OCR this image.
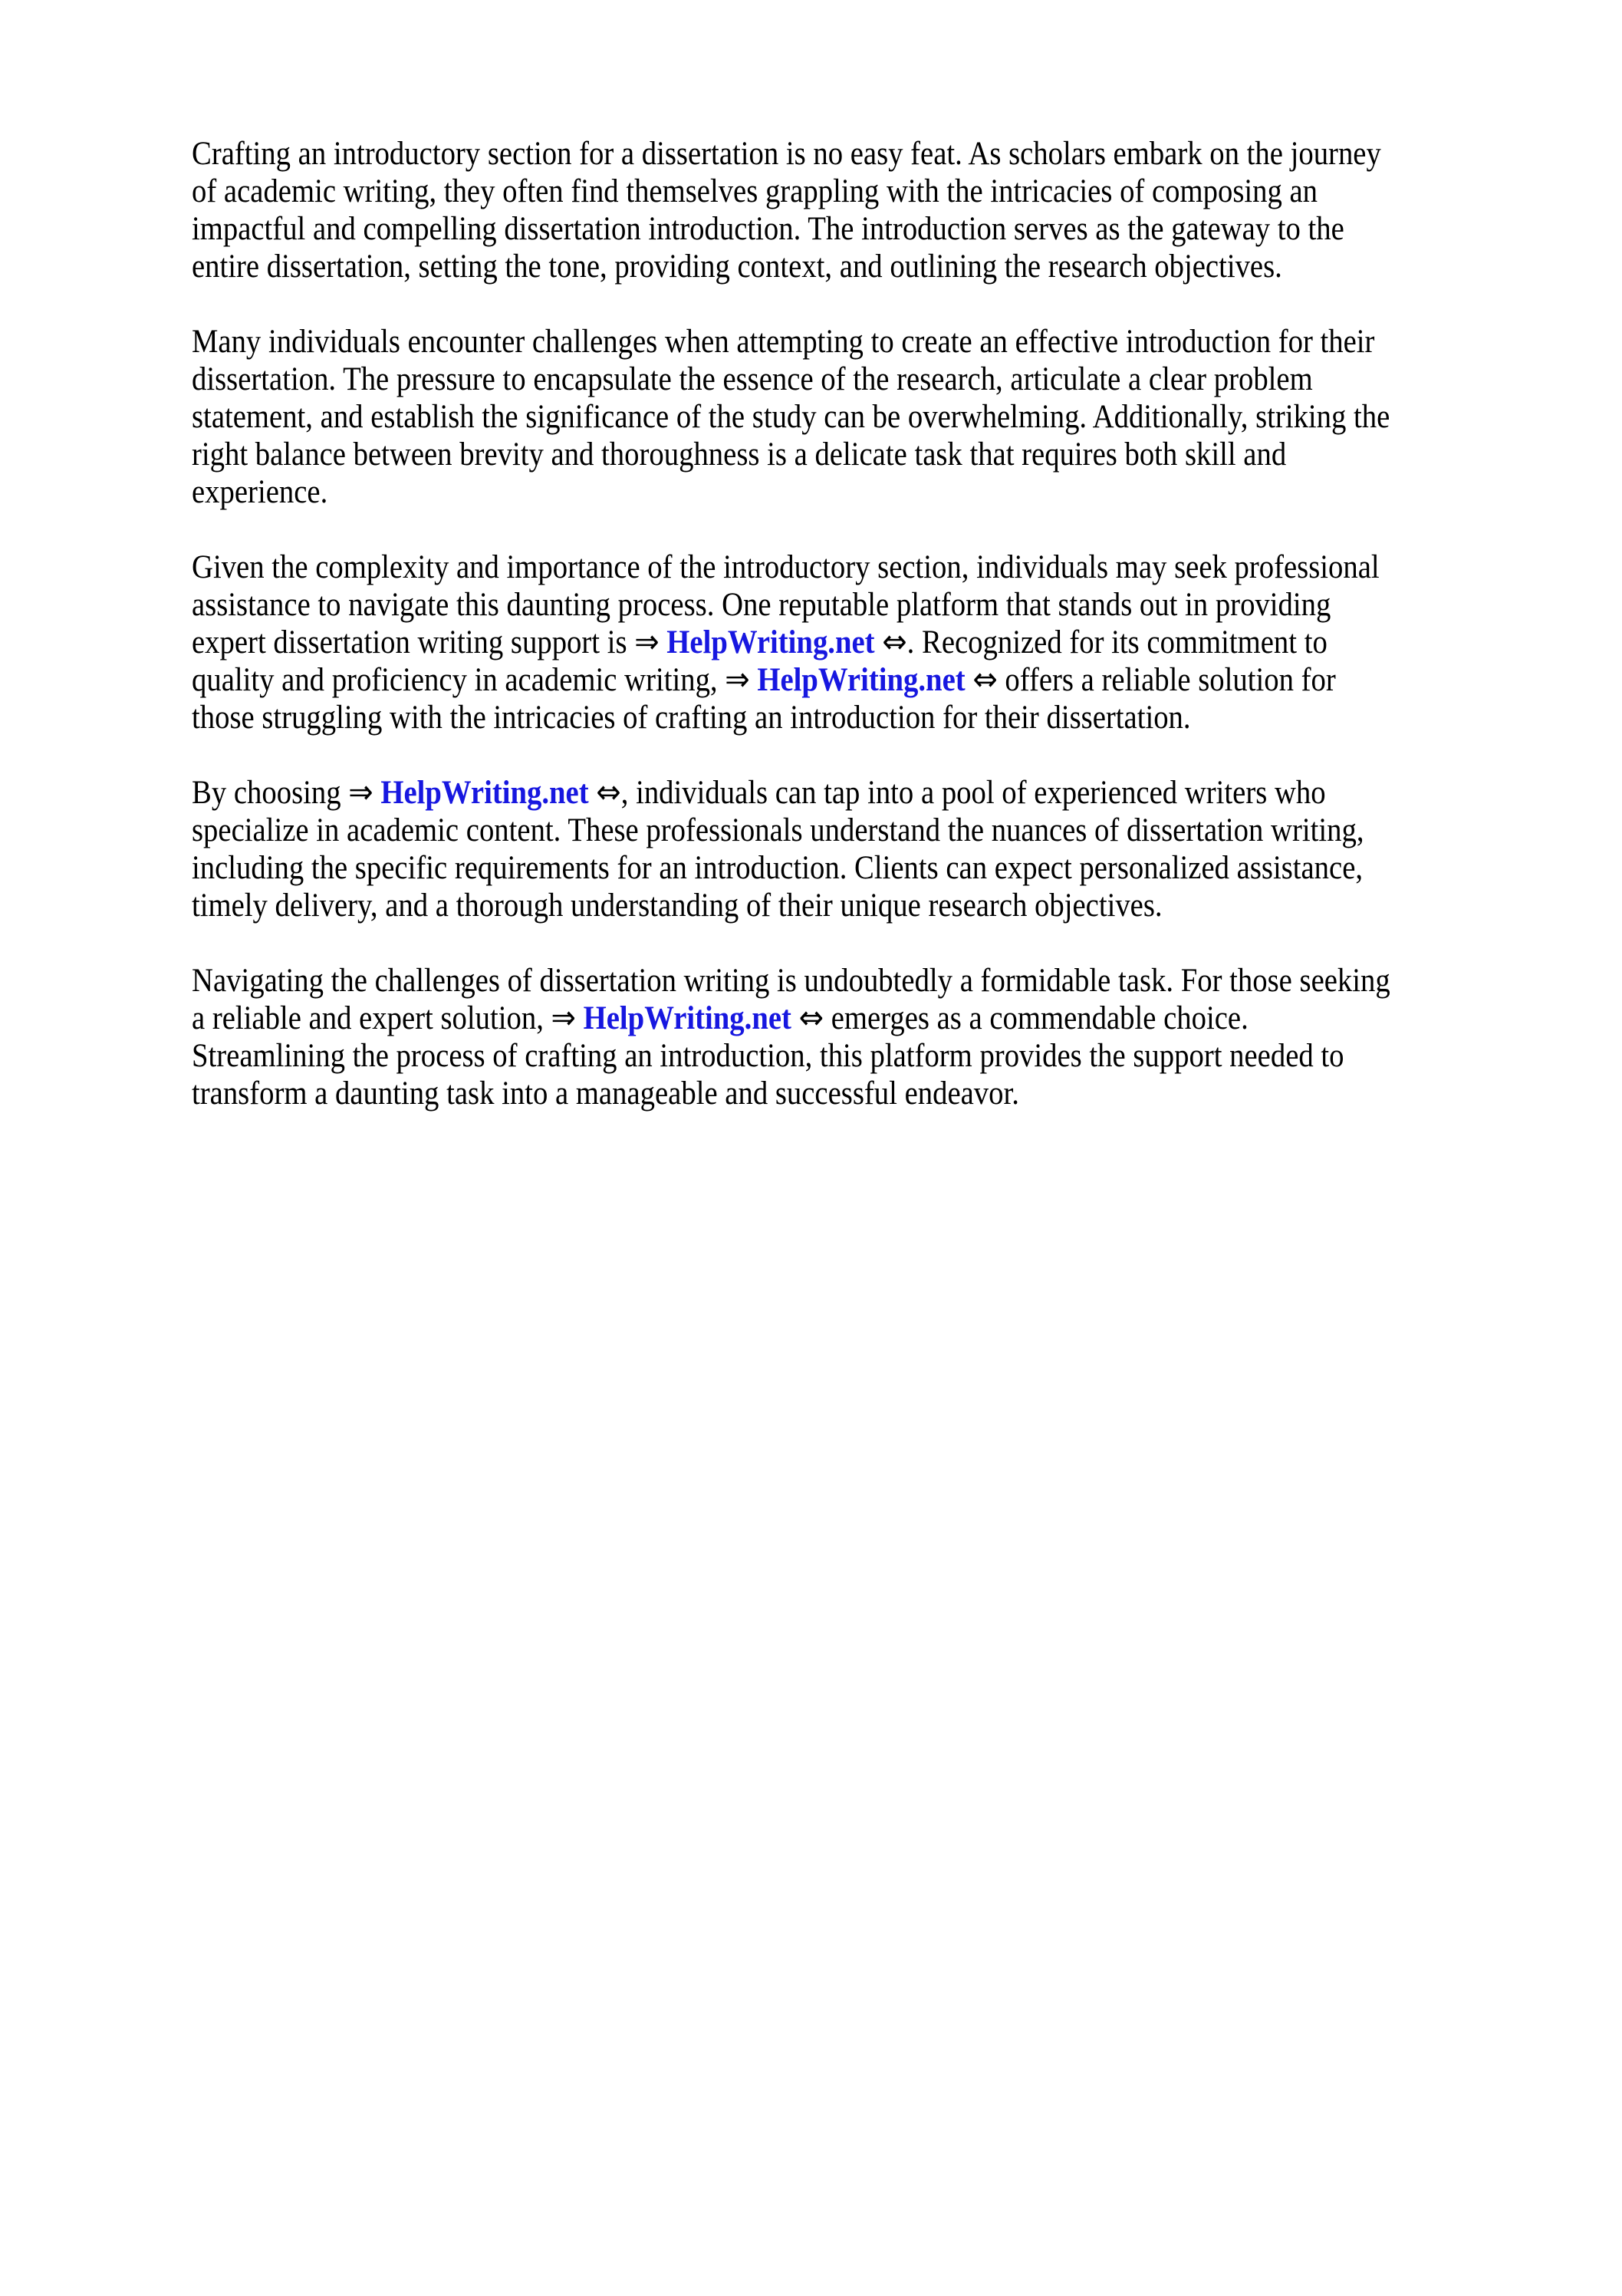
Crafting an introductory section for a dissertation is no easy feat. As scholars embark on the journey
of academic writing, they often find themselves grappling with the intricacies of composing an
impactful and compelling dissertation introduction. The introduction serves as the gateway to the
entire dissertation, setting the tone, providing context, and outlining the research objectives.
Many individuals encounter challenges when attempting to create an effective introduction for their
dissertation. The pressure to encapsulate the essence of the research, articulate a clear problem
statement, and establish the significance of the study can be overwhelming. Additionally, striking the
right balance between brevity and thoroughness is a delicate task that requires both skill and
experience.
Given the complexity and importance of the introductory section, individuals may seek professional
assistance to navigate this daunting process. One reputable platform that stands out in providing
expert dissertation writing support is ⇒ HelpWriting.net ⇔. Recognized for its commitment to
quality and proficiency in academic writing, ⇒ HelpWriting.net ⇔ offers a reliable solution for
those struggling with the intricacies of crafting an introduction for their dissertation.
By choosing ⇒ HelpWriting.net ⇔, individuals can tap into a pool of experienced writers who
specialize in academic content. These professionals understand the nuances of dissertation writing,
including the specific requirements for an introduction. Clients can expect personalized assistance,
timely delivery, and a thorough understanding of their unique research objectives.
Navigating the challenges of dissertation writing is undoubtedly a formidable task. For those seeking
a reliable and expert solution, ⇒ HelpWriting.net ⇔ emerges as a commendable choice.
Streamlining the process of crafting an introduction, this platform provides the support needed to
transform a daunting task into a manageable and successful endeavor.
